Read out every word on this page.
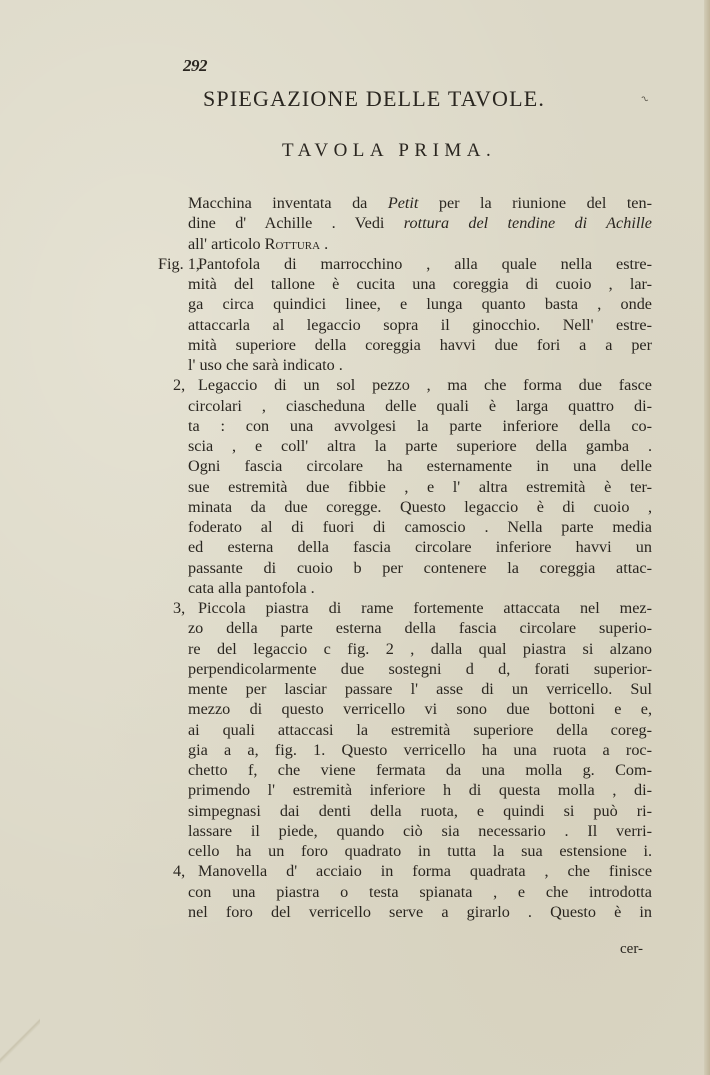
292
SPIEGAZIONE DELLE TAVOLE.	~
TAVOLA PRIMA.
Macchina inventata da Petit per la riunione del ten-
dine d' Achille . Vedi rottura del tendine di Achille
all' articolo Rottura .
Fig. 1,
Pantofola di marrocchino , alla quale nella estre-
mità del tallone è cucita una coreggia di cuoio , lar-
ga circa quindici linee, e lunga quanto basta , onde
attaccarla al legaccio sopra il ginocchio. Nell' estre-
mità superiore della coreggia havvi due fori a a per
l' uso che sarà indicato .
2, Legaccio di un sol pezzo , ma che forma due fasce
circolari , ciascheduna delle quali è larga quattro di-
ta : con una avvolgesi la parte inferiore della co-
scia , e coll' altra la parte superiore della gamba .
Ogni fascia circolare ha esternamente in una delle
sue estremità due fibbie , e l' altra estremità è ter-
minata da due coregge. Questo legaccio è di cuoio ,
foderato al di fuori di camoscio . Nella parte media
ed esterna della fascia circolare inferiore havvi un
passante di cuoio b per contenere la coreggia attac-
cata alla pantofola .
3, Piccola piastra di rame fortemente attaccata nel mez-
zo della parte esterna della fascia circolare superio-
re del legaccio c fig. 2 , dalla qual piastra si alzano
perpendicolarmente due sostegni d d, forati superior-
mente per lasciar passare l' asse di un verricello. Sul
mezzo di questo verricello vi sono due bottoni e e,
ai quali attaccasi la estremità superiore della coreg-
gia a a, fig. 1. Questo verricello ha una ruota a roc-
chetto f, che viene fermata da una molla g. Com-
primendo l' estremità inferiore h di questa molla , di-
simpegnasi dai denti della ruota, e quindi si può ri-
lassare il piede, quando ciò sia necessario . Il verri-
cello ha un foro quadrato in tutta la sua estensione i.
4, Manovella d' acciaio in forma quadrata , che finisce
con una piastra o testa spianata , e che introdotta
nel foro del verricello serve a girarlo . Questo è in
cer-
